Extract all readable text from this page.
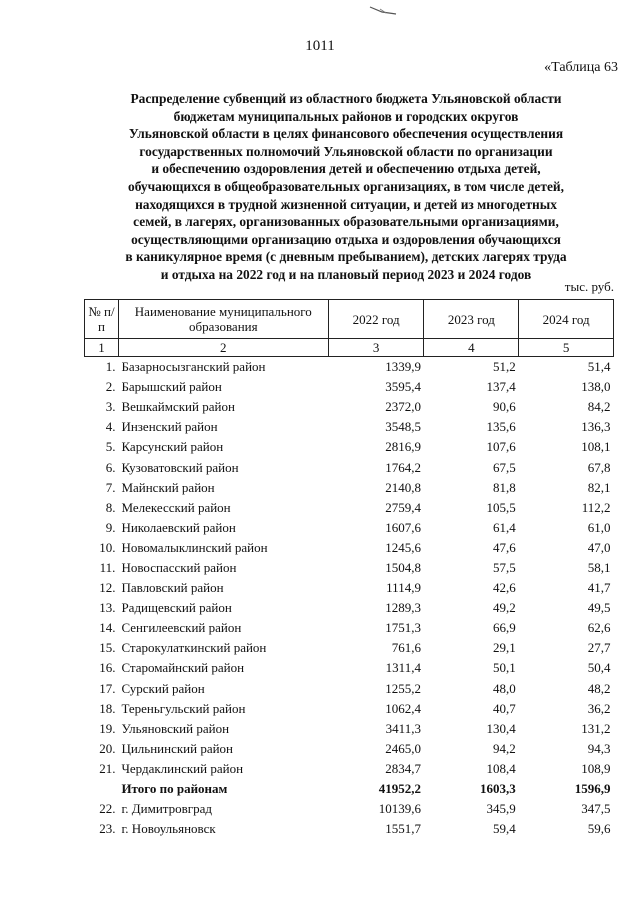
1011
«Таблица 63
Распределение субвенций из областного бюджета Ульяновской области
бюджетам муниципальных районов и городских округов
Ульяновской области в целях финансового обеспечения осуществления
государственных полномочий Ульяновской области по организации
и обеспечению оздоровления детей и обеспечению отдыха детей,
обучающихся в общеобразовательных организациях, в том числе детей,
находящихся в трудной жизненной ситуации, и детей из многодетных
семей, в лагерях, организованных образовательными организациями,
осуществляющими организацию отдыха и оздоровления обучающихся
в каникулярное время (с дневным пребыванием), детских лагерях труда
и отдыха на 2022 год и на плановый период 2023 и 2024 годов
тыс. руб.
№ п/п	Наименование муниципального образования	2022 год	2023 год	2024 год
1	2	3	4	5
1.	Базарносызганский район	1339,9	51,2	51,4
2.	Барышский район	3595,4	137,4	138,0
3.	Вешкаймский район	2372,0	90,6	84,2
4.	Инзенский район	3548,5	135,6	136,3
5.	Карсунский район	2816,9	107,6	108,1
6.	Кузоватовский район	1764,2	67,5	67,8
7.	Майнский район	2140,8	81,8	82,1
8.	Мелекесский район	2759,4	105,5	112,2
9.	Николаевский район	1607,6	61,4	61,0
10.	Новомалыклинский район	1245,6	47,6	47,0
11.	Новоспасский район	1504,8	57,5	58,1
12.	Павловский район	1114,9	42,6	41,7
13.	Радищевский район	1289,3	49,2	49,5
14.	Сенгилеевский район	1751,3	66,9	62,6
15.	Старокулаткинский район	761,6	29,1	27,7
16.	Старомайнский район	1311,4	50,1	50,4
17.	Сурский район	1255,2	48,0	48,2
18.	Тереньгульский район	1062,4	40,7	36,2
19.	Ульяновский район	3411,3	130,4	131,2
20.	Цильнинский район	2465,0	94,2	94,3
21.	Чердаклинский район	2834,7	108,4	108,9
	Итого по районам	41952,2	1603,3	1596,9
22.	г. Димитровград	10139,6	345,9	347,5
23.	г. Новоульяновск	1551,7	59,4	59,6
